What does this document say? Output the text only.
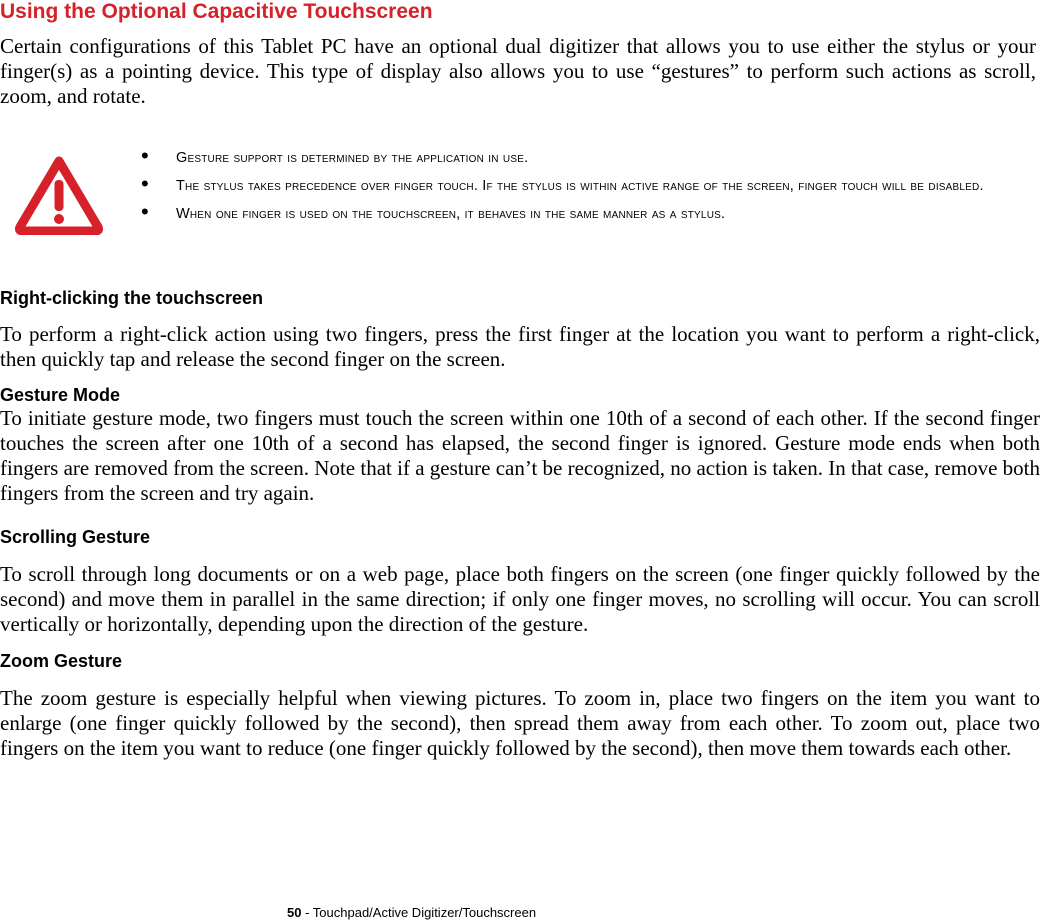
Using the Optional Capacitive Touchscreen

Certain configurations of this Tablet PC have an optional dual digitizer that allows you to use either the stylus or your finger(s) as a pointing device. This type of display also allows you to use “gestures” to perform such actions as scroll, zoom, and rotate.

• Gesture support is determined by the application in use.
• The stylus takes precedence over finger touch. If the stylus is within active range of the screen, finger touch will be disabled.
• When one finger is used on the touchscreen, it behaves in the same manner as a stylus.
Right-clicking the touchscreen

To perform a right-click action using two fingers, press the first finger at the location you want to perform a right-click, then quickly tap and release the second finger on the screen.

Gesture Mode

To initiate gesture mode, two fingers must touch the screen within one 10th of a second of each other. If the second finger touches the screen after one 10th of a second has elapsed, the second finger is ignored. Gesture mode ends when both fingers are removed from the screen. Note that if a gesture can’t be recognized, no action is taken. In that case, remove both fingers from the screen and try again.

Scrolling Gesture

To scroll through long documents or on a web page, place both fingers on the screen (one finger quickly followed by the second) and move them in parallel in the same direction; if only one finger moves, no scrolling will occur. You can scroll vertically or horizontally, depending upon the direction of the gesture.

Zoom Gesture

The zoom gesture is especially helpful when viewing pictures. To zoom in, place two fingers on the item you want to enlarge (one finger quickly followed by the second), then spread them away from each other. To zoom out, place two fingers on the item you want to reduce (one finger quickly followed by the second), then move them towards each other.

50 - Touchpad/Active Digitizer/Touchscreen
